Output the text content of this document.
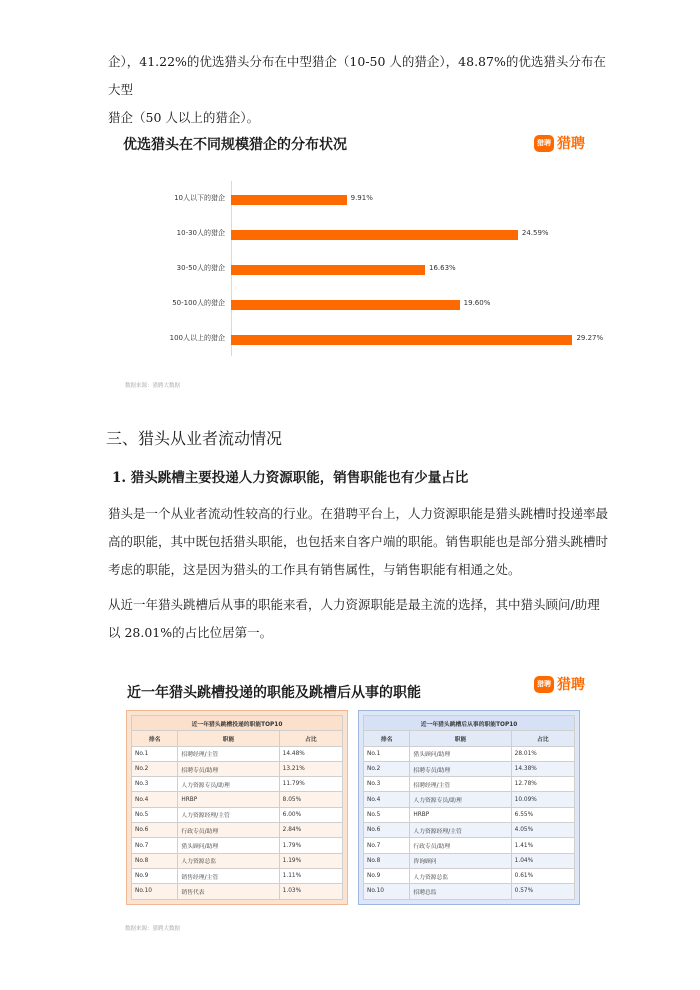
企），41.22%的优选猎头分布在中型猎企（10-50 人的猎企），48.87%的优选猎头分布在大型
猎企（50 人以上的猎企）。

优选猎头在不同规模猎企的分布状况	猎聘 猎聘
10人以下的猎企	9.91%
10-30人的猎企	24.59%
30-50人的猎企	16.63%
50-100人的猎企	19.60%
100人以上的猎企	29.27%
数据来源：猎聘大数据
三、猎头从业者流动情况
1. 猎头跳槽主要投递人力资源职能，销售职能也有少量占比

猎头是一个从业者流动性较高的行业。在猎聘平台上，人力资源职能是猎头跳槽时投递率最
高的职能，其中既包括猎头职能，也包括来自客户端的职能。销售职能也是部分猎头跳槽时
考虑的职能，这是因为猎头的工作具有销售属性，与销售职能有相通之处。

从近一年猎头跳槽后从事的职能来看，人力资源职能是最主流的选择，其中猎头顾问/助理
以 28.01%的占比位居第一。

近一年猎头跳槽投递的职能及跳槽后从事的职能
猎聘 猎聘
近一年猎头跳槽投递的职能TOP10		
排名	职能	占比
No.1	招聘经理/主管	14.48%
No.2	招聘专员/助理	13.21%
No.3	人力资源专员/助理	11.79%
No.4	HRBP	8.05%
No.5	人力资源经理/主管	6.00%
No.6	行政专员/助理	2.84%
No.7	猎头顾问/助理	1.79%
No.8	人力资源总监	1.19%
No.9	销售经理/主管	1.11%
No.10	销售代表	1.03%
近一年猎头跳槽后从事的职能TOP10		
排名	职能	占比
No.1	猎头顾问/助理	28.01%
No.2	招聘专员/助理	14.38%
No.3	招聘经理/主管	12.78%
No.4	人力资源专员/助理	10.09%
No.5	HRBP	6.55%
No.6	人力资源经理/主管	4.05%
No.7	行政专员/助理	1.41%
No.8	咨询顾问	1.04%
No.9	人力资源总监	0.61%
No.10	招聘总监	0.57%
数据来源：猎聘大数据
